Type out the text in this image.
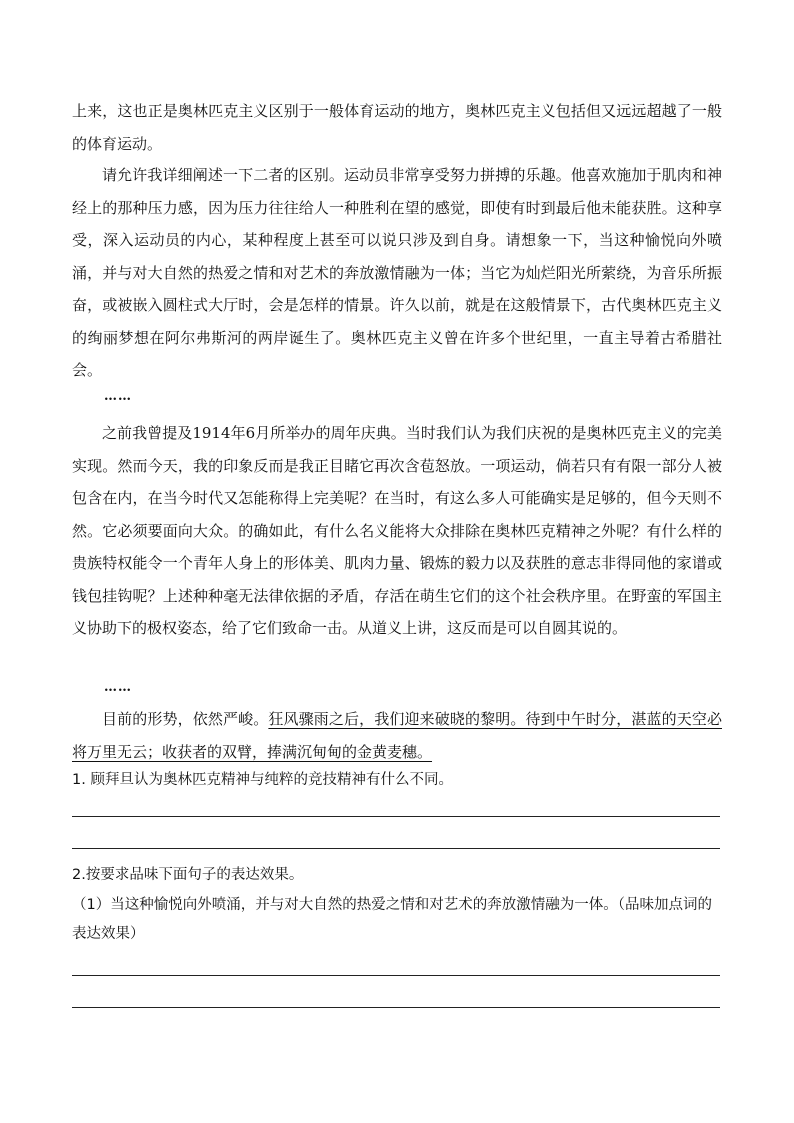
上来，这也正是奥林匹克主义区别于一般体育运动的地方，奥林匹克主义包括但又远远超越了一般的体育运动。

请允许我详细阐述一下二者的区别。运动员非常享受努力拼搏的乐趣。他喜欢施加于肌肉和神经上的那种压力感，因为压力往往给人一种胜利在望的感觉，即使有时到最后他未能获胜。这种享受，深入运动员的内心，某种程度上甚至可以说只涉及到自身。请想象一下，当这种愉悦向外喷涌，并与对大自然的热爱之情和对艺术的奔放激情融为一体；当它为灿烂阳光所萦绕，为音乐所振奋，或被嵌入圆柱式大厅时，会是怎样的情景。许久以前，就是在这般情景下，古代奥林匹克主义的绚丽梦想在阿尔弗斯河的两岸诞生了。奥林匹克主义曾在许多个世纪里，一直主导着古希腊社会。

……

之前我曾提及1914年6月所举办的周年庆典。当时我们认为我们庆祝的是奥林匹克主义的完美实现。然而今天，我的印象反而是我正目睹它再次含苞怒放。一项运动，倘若只有有限一部分人被包含在内，在当今时代又怎能称得上完美呢？在当时，有这么多人可能确实是足够的，但今天则不然。它必须要面向大众。的确如此，有什么名义能将大众排除在奥林匹克精神之外呢？有什么样的贵族特权能令一个青年人身上的形体美、肌肉力量、锻炼的毅力以及获胜的意志非得同他的家谱或钱包挂钩呢？上述种种毫无法律依据的矛盾，存活在萌生它们的这个社会秩序里。在野蛮的军国主义协助下的极权姿态，给了它们致命一击。从道义上讲，这反而是可以自圆其说的。

……

目前的形势，依然严峻。狂风骤雨之后，我们迎来破晓的黎明。待到中午时分，湛蓝的天空必将万里无云；收获者的双臂，捧满沉甸甸的金黄麦穗。

1. 顾拜旦认为奥林匹克精神与纯粹的竞技精神有什么不同。
2.按要求品味下面句子的表达效果。
（1）当这种愉悦向外喷涌，并与对大自然的热爱之情和对艺术的奔放激情融为一体。（品味加点词的表达效果）
